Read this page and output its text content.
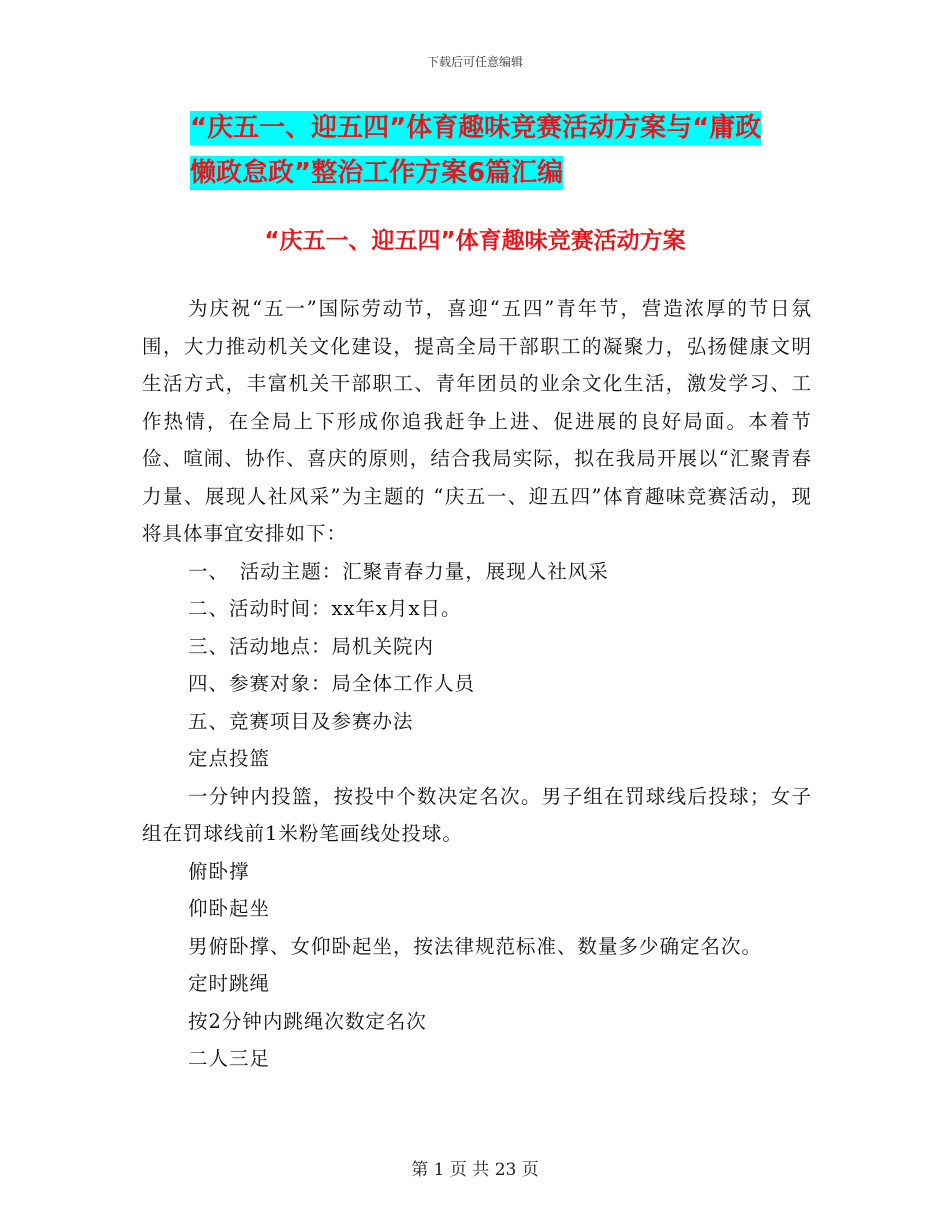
下载后可任意编辑
“庆五一、迎五四”体育趣味竞赛活动方案与“庸政
懒政怠政”整治工作方案6篇汇编
“庆五一、迎五四”体育趣味竞赛活动方案

为庆祝“五一”国际劳动节，喜迎“五四”青年节，营造浓厚的节日氛围，大力推动机关文化建设，提高全局干部职工的凝聚力，弘扬健康文明生活方式，丰富机关干部职工、青年团员的业余文化生活，激发学习、工作热情，在全局上下形成你追我赶争上进、促进展的良好局面。本着节俭、喧闹、协作、喜庆的原则，结合我局实际，拟在我局开展以“汇聚青春力量、展现人社风采”为主题的 “庆五一、迎五四”体育趣味竞赛活动，现将具体事宜安排如下：

一、　活动主题：汇聚青春力量，展现人社风采

二、活动时间：xx年x月x日。

三、活动地点：局机关院内

四、参赛对象：局全体工作人员

五、竞赛项目及参赛办法

定点投篮

一分钟内投篮，按投中个数决定名次。男子组在罚球线后投球；女子组在罚球线前1米粉笔画线处投球。

俯卧撑

仰卧起坐

男俯卧撑、女仰卧起坐，按法律规范标准、数量多少确定名次。

定时跳绳

按2分钟内跳绳次数定名次

二人三足

第 1 页 共 23 页
